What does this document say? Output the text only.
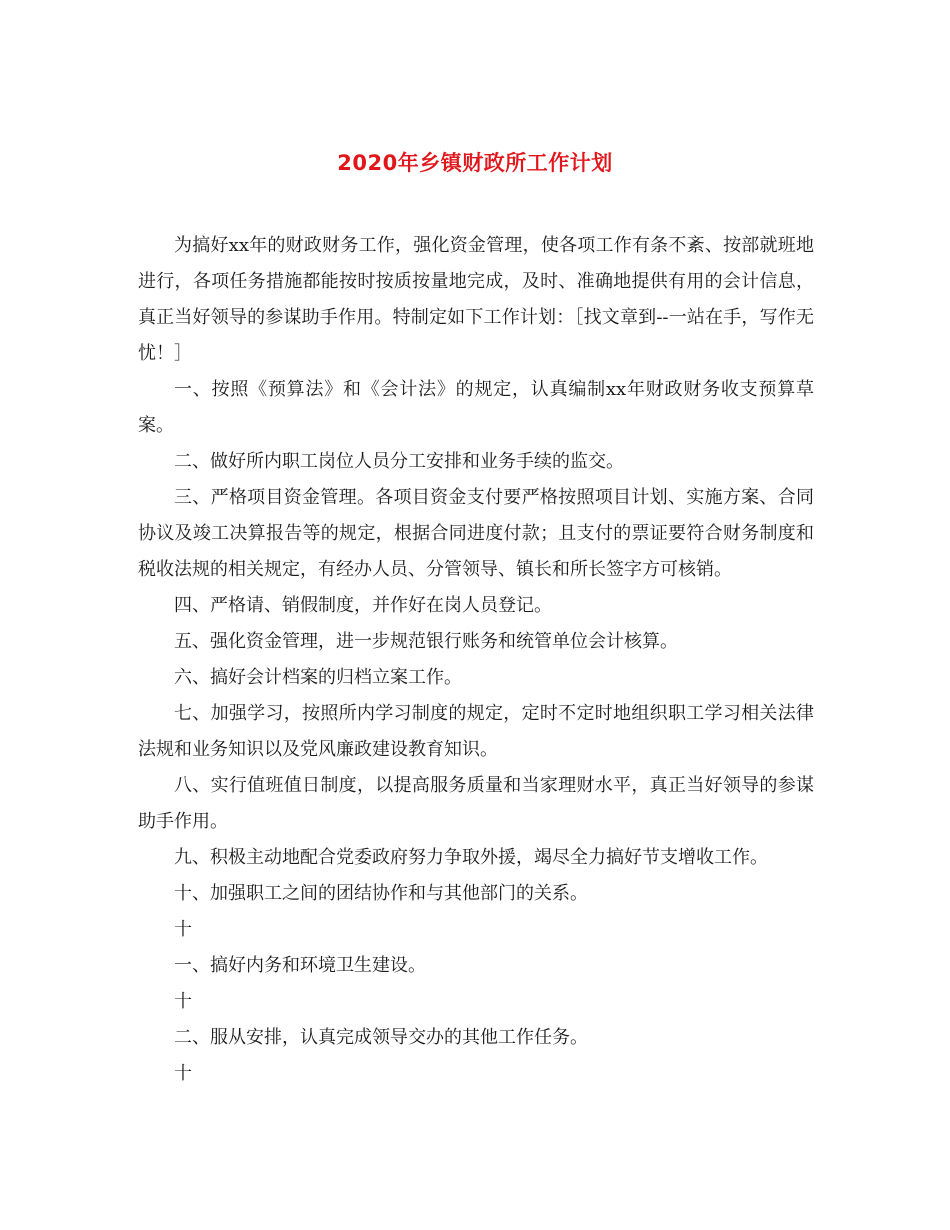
2020年乡镇财政所工作计划

为搞好xx年的财政财务工作，强化资金管理，使各项工作有条不紊、按部就班地进行，各项任务措施都能按时按质按量地完成，及时、准确地提供有用的会计信息，真正当好领导的参谋助手作用。特制定如下工作计划：［找文章到--一站在手，写作无忧！］

一、按照《预算法》和《会计法》的规定，认真编制xx年财政财务收支预算草案。

二、做好所内职工岗位人员分工安排和业务手续的监交。

三、严格项目资金管理。各项目资金支付要严格按照项目计划、实施方案、合同协议及竣工决算报告等的规定，根据合同进度付款；且支付的票证要符合财务制度和税收法规的相关规定，有经办人员、分管领导、镇长和所长签字方可核销。

四、严格请、销假制度，并作好在岗人员登记。

五、强化资金管理，进一步规范银行账务和统管单位会计核算。

六、搞好会计档案的归档立案工作。

七、加强学习，按照所内学习制度的规定，定时不定时地组织职工学习相关法律法规和业务知识以及党风廉政建设教育知识。

八、实行值班值日制度，以提高服务质量和当家理财水平，真正当好领导的参谋助手作用。

九、积极主动地配合党委政府努力争取外援，竭尽全力搞好节支增收工作。

十、加强职工之间的团结协作和与其他部门的关系。

十

一、搞好内务和环境卫生建设。

十

二、服从安排，认真完成领导交办的其他工作任务。

十
